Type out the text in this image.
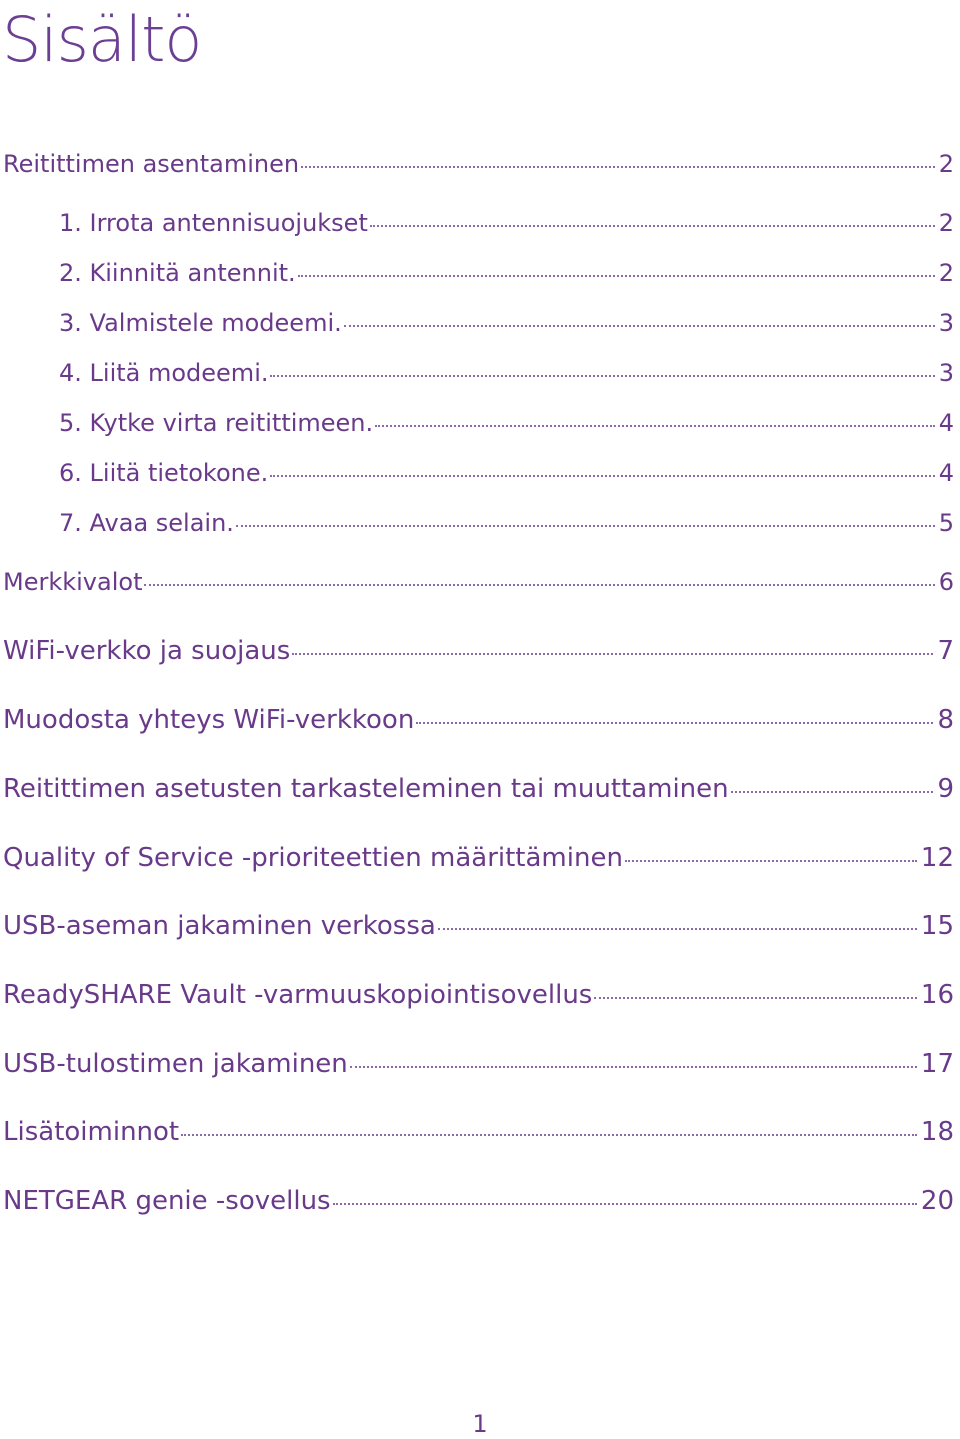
Sisältö
Reitittimen asentaminen	2
1. Irrota antennisuojukset	2
2. Kiinnitä antennit.	2
3. Valmistele modeemi.	3
4. Liitä modeemi.	3
5. Kytke virta reitittimeen.	4
6. Liitä tietokone.	4
7. Avaa selain.	5
Merkkivalot	6
WiFi-verkko ja suojaus	7
Muodosta yhteys WiFi-verkkoon	8
Reitittimen asetusten tarkasteleminen tai muuttaminen	9
Quality of Service -prioriteettien määrittäminen	12
USB-aseman jakaminen verkossa	15
ReadySHARE Vault -varmuuskopiointisovellus	16
USB-tulostimen jakaminen	17
Lisätoiminnot	18
NETGEAR genie -sovellus	20
1
